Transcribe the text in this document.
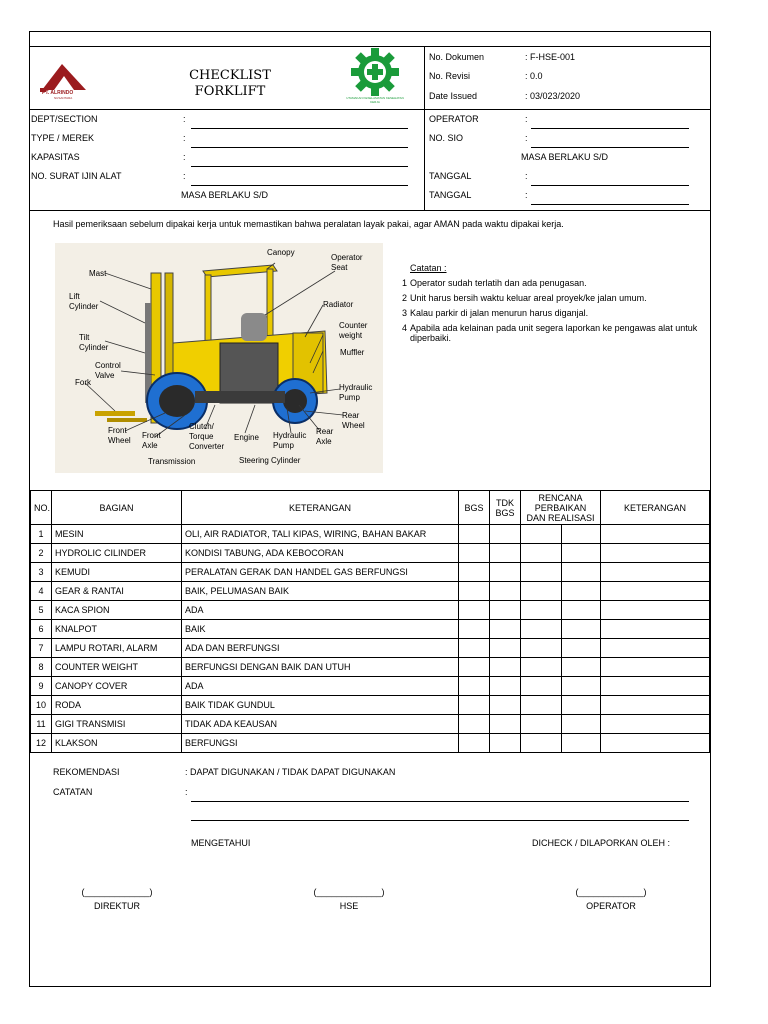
PT. ALRINDO
NUSANTARA
CHECKLIST
FORKLIFT	UTAMAKAN KESELAMATAN KESEHATAN KERJA
No. Dokumen	: F-HSE-001
No. Revisi	: 0.0
Date Issued	: 03/023/2020
DEPT/SECTION	:
TYPE / MEREK	:
KAPASITAS	:
NO. SURAT IJIN ALAT	:
MASA BERLAKU S/D
OPERATOR	:
NO. SIO	:
MASA BERLAKU S/D
TANGGAL	:
TANGGAL	:
Hasil pemeriksaan sebelum dipakai kerja untuk memastikan bahwa peralatan layak pakai, agar AMAN pada waktu dipakai kerja.
Canopy
Operator Seat
Mast
Lift Cylinder	Radiator
Tilt Cylinder
Counter weight
Muffler
Control Valve
Fork
Hydraulic Pump
Rear Wheel
Front Wheel
Front Axle
Clutch/ Torque Converter
Engine Hydraulic Pump
Rear Axle
Transmission	Steering Cylinder
Catatan :
1 Operator sudah terlatih dan ada penugasan.
2 Unit harus bersih waktu keluar areal proyek/ke jalan umum.
3 Kalau parkir di jalan menurun harus diganjal.
4 Apabila ada kelainan pada unit segera laporkan ke pengawas alat untuk diperbaiki.
NO.	BAGIAN	KETERANGAN	BGS	TDK BGS	RENCANA PERBAIKAN DAN REALISASI		KETERANGAN
1	MESIN	OLI, AIR RADIATOR, TALI KIPAS, WIRING, BAHAN BAKAR					
2	HYDROLIC CILINDER	KONDISI TABUNG, ADA KEBOCORAN					
3	KEMUDI	PERALATAN GERAK DAN HANDEL GAS BERFUNGSI					
4	GEAR & RANTAI	BAIK, PELUMASAN BAIK					
5	KACA SPION	ADA					
6	KNALPOT	BAIK					
7	LAMPU ROTARI, ALARM	ADA DAN BERFUNGSI					
8	COUNTER WEIGHT	BERFUNGSI DENGAN BAIK DAN UTUH					
9	CANOPY COVER	ADA					
10	RODA	BAIK TIDAK GUNDUL					
11	GIGI TRANSMISI	TIDAK ADA KEAUSAN					
12	KLAKSON	BERFUNGSI					
REKOMENDASI	: DAPAT DIGUNAKAN / TIDAK DAPAT DIGUNAKAN
CATATAN	:
MENGETAHUI	DICHECK / DILAPORKAN OLEH :
(_____________)
DIREKTUR
(_____________)
HSE
(_____________)
OPERATOR
